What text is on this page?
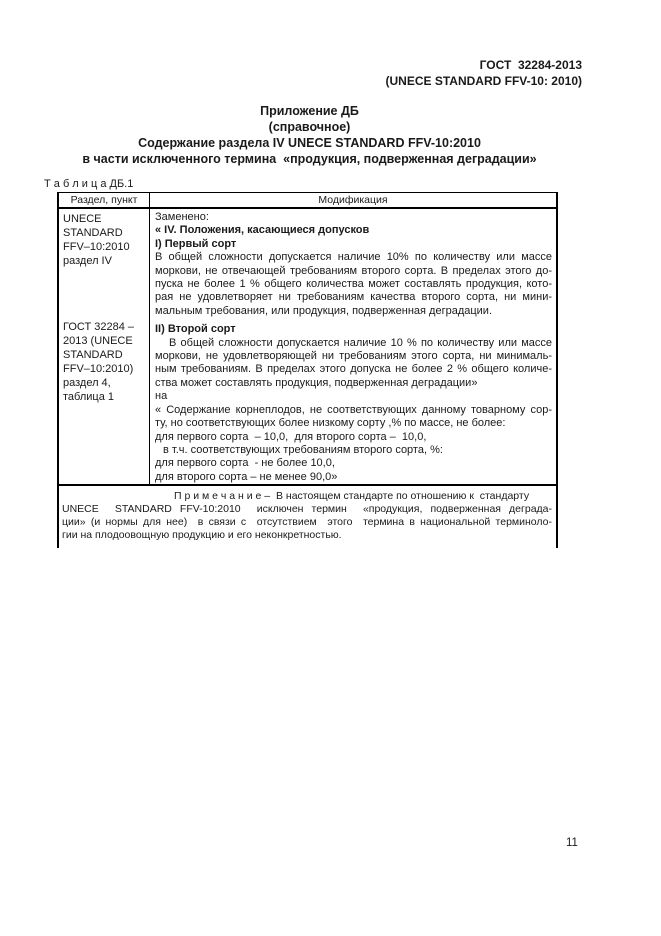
ГОСТ  32284-2013
(UNECE STANDARD FFV-10: 2010)
Приложение ДБ
(справочное)
Содержание раздела IV UNECE STANDARD FFV-10:2010
в части исключенного термина  «продукция, подверженная деградации»
Т а б л и ц а ДБ.1
Раздел, пункт	Модификация
UNECE
STANDARD
FFV–10:2010
раздел IV
ГОСТ 32284 –
2013 (UNECE
STANDARD
FFV–10:2010)
раздел 4,
таблица 1
Заменено:
« IV. Положения, касающиеся допусков
I) Первый сорт
В общей сложности допускается наличие 10% по количеству или массе
моркови, не отвечающей требованиям второго сорта. В пределах этого до-
пуска не более 1 % общего количества может составлять продукция, кото-
рая не удовлетворяет ни требованиям качества второго сорта, ни мини-
мальным требования, или продукция, подверженная деградации.
II) Второй сорт
В общей сложности допускается наличие 10 % по количеству или массе
моркови, не удовлетворяющей ни требованиям этого сорта, ни минималь-
ным требованиям. В пределах этого допуска не более 2 % общего количе-
ства может составлять продукция, подверженная деградации»
на
« Содержание корнеплодов, не соответствующих данному товарному сор-
ту, но соответствующих более низкому сорту ,% по массе, не более:
для первого сорта  – 10,0,  для второго сорта –  10,0,
в т.ч. соответствующих требованиям второго сорта, %:
для первого сорта  - не более 10,0,
для второго сорта – не менее 90,0»
П р и м е ч а н и е –  В настоящем стандарте по отношению к  стандарту
UNECE  STANDARD FFV-10:2010  исключен термин  «продукция, подверженная деграда-
ции» (и нормы для нее)  в связи с  отсутствием  этого  термина в национальной терминоло-
гии на плодоовощную продукцию и его неконкретностью.
11
